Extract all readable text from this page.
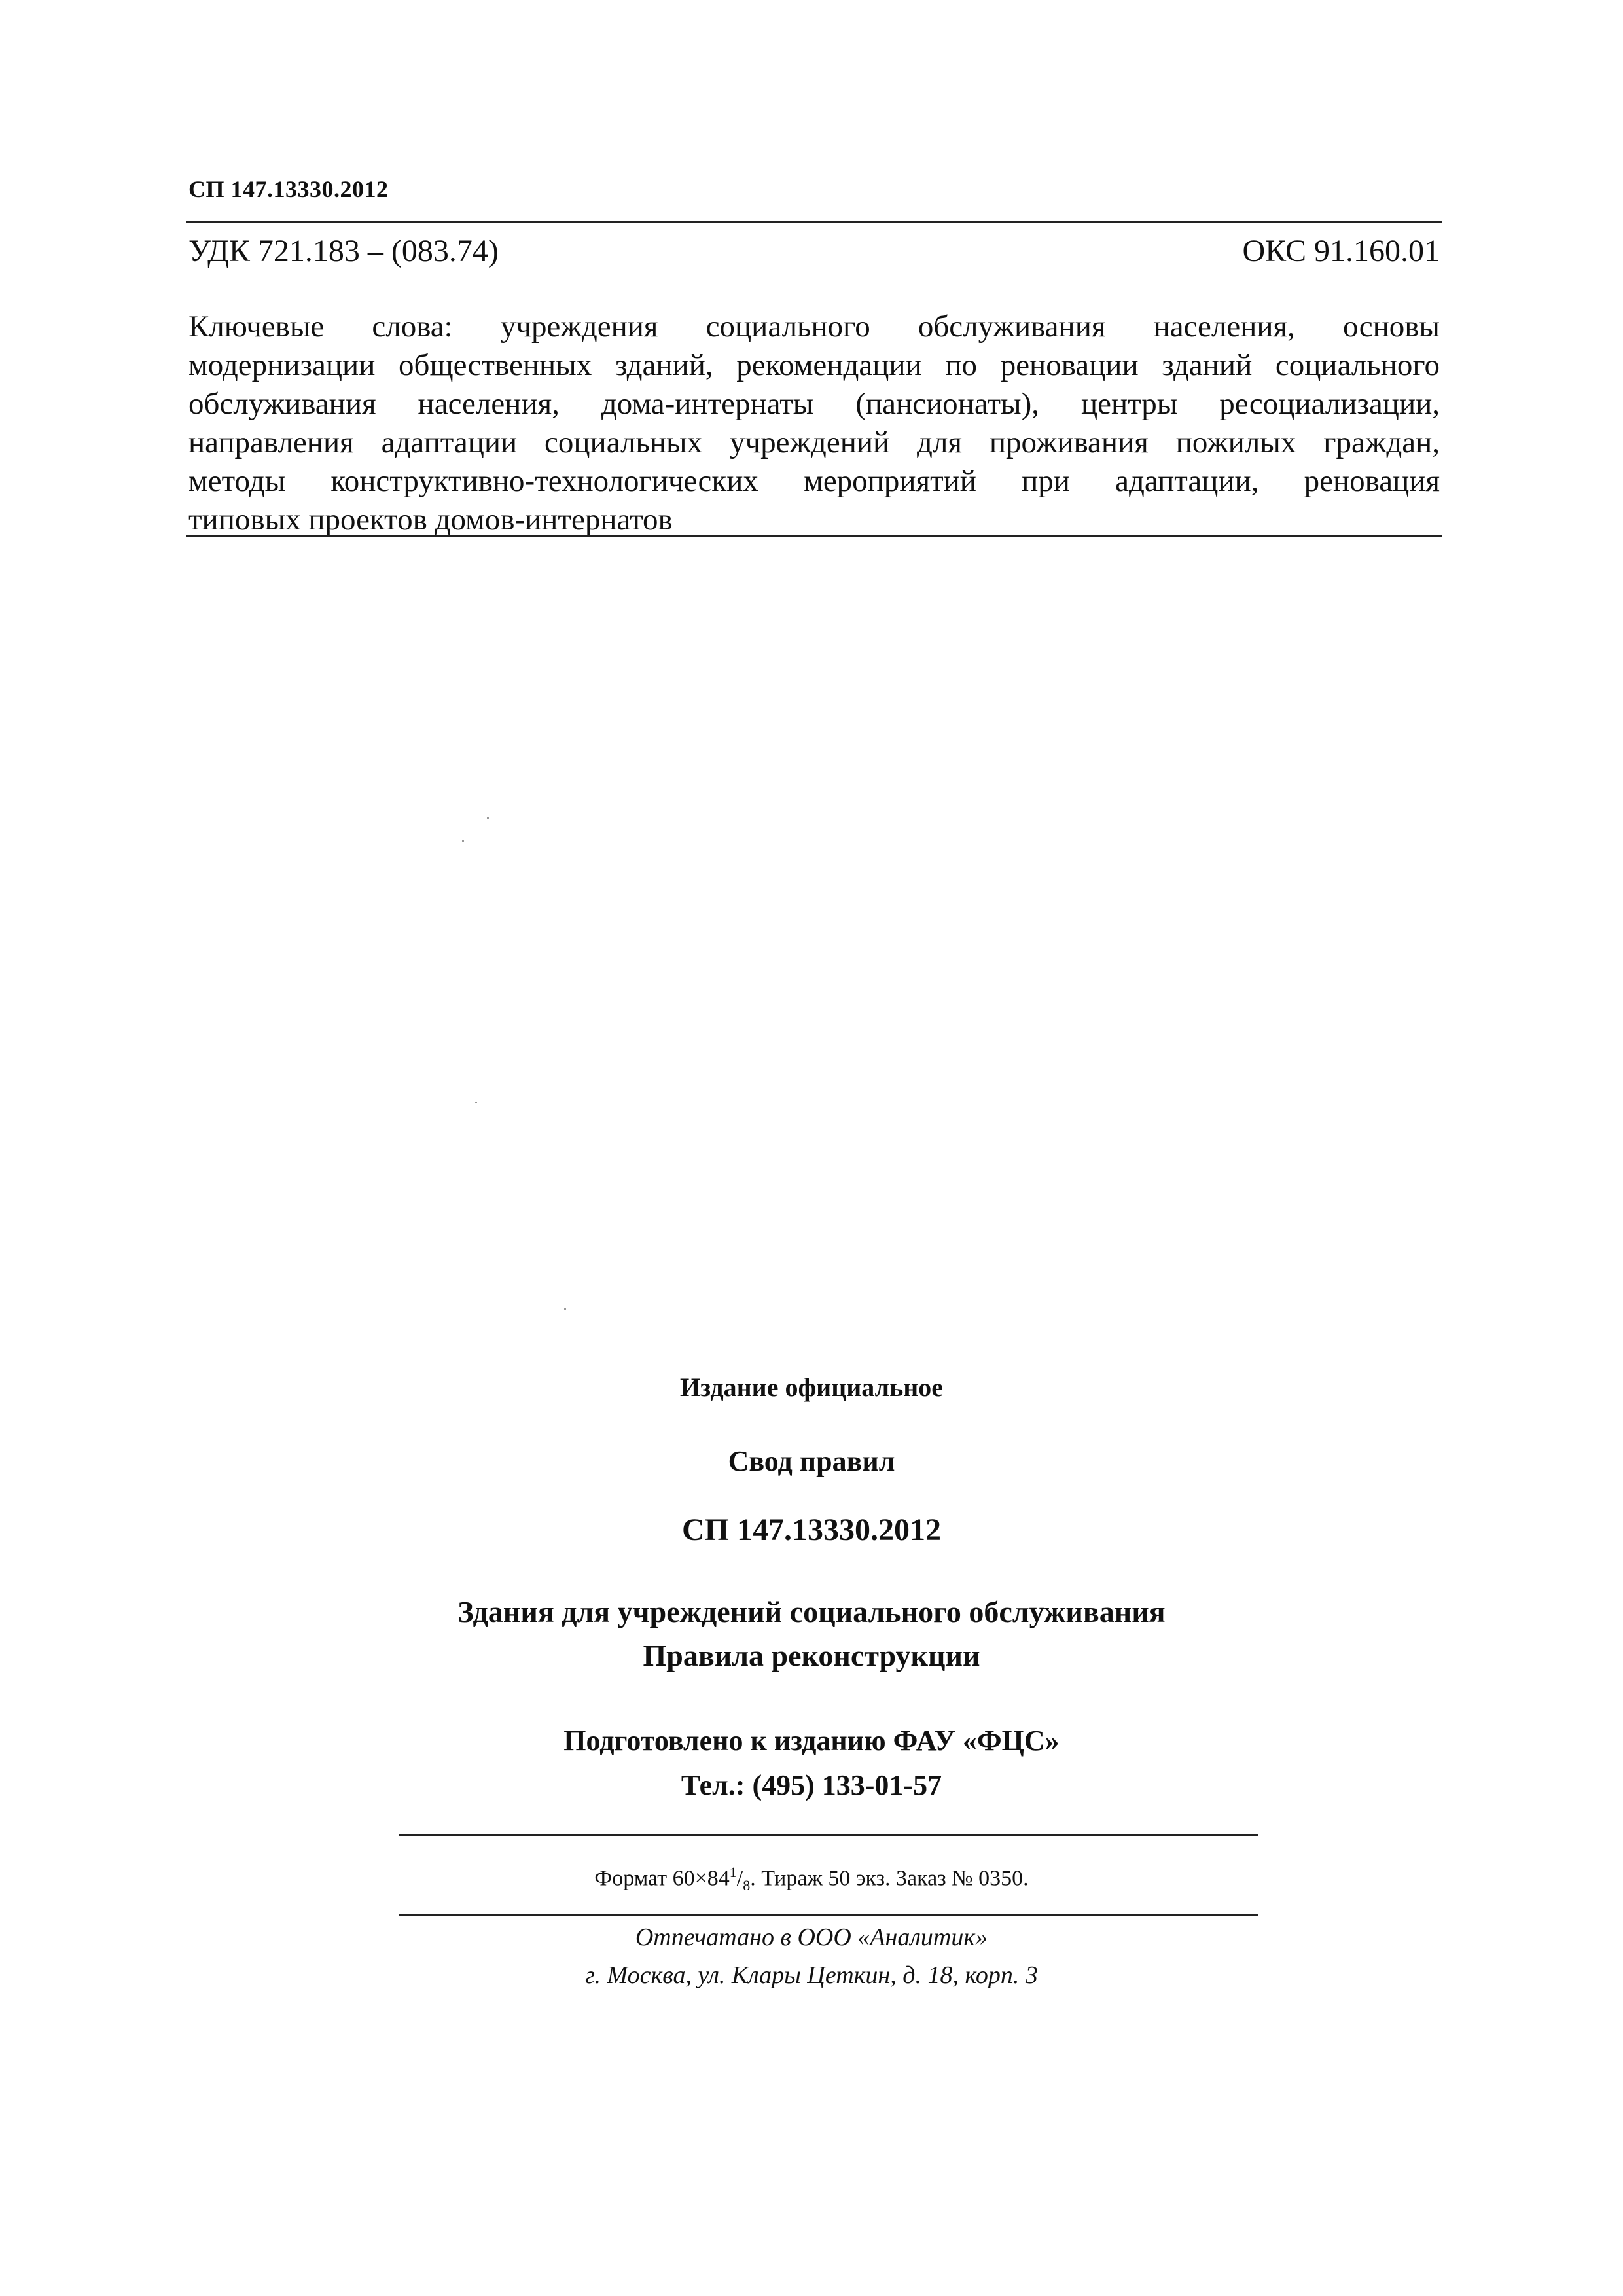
СП 147.13330.2012
УДК 721.183 – (083.74)	ОКС 91.160.01
Ключевые слова: учреждения социального обслуживания населения, основы
модернизации общественных зданий, рекомендации по реновации зданий социального
обслуживания населения, дома-интернаты (пансионаты), центры ресоциализации,
направления адаптации социальных учреждений для проживания пожилых граждан,
методы конструктивно-технологических мероприятий при адаптации, реновация
типовых проектов домов-интернатов
Издание официальное
Свод правил
СП 147.13330.2012
Здания для учреждений социального обслуживания
Правила реконструкции
Подготовлено к изданию ФАУ «ФЦС»
Тел.: (495) 133-01-57
Формат $60\times 84^1/_8$. Тираж 50 экз. Заказ № 0350.
Отпечатано в ООО «Аналитик»
г. Москва, ул. Клары Цеткин, д. 18, корп. 3
